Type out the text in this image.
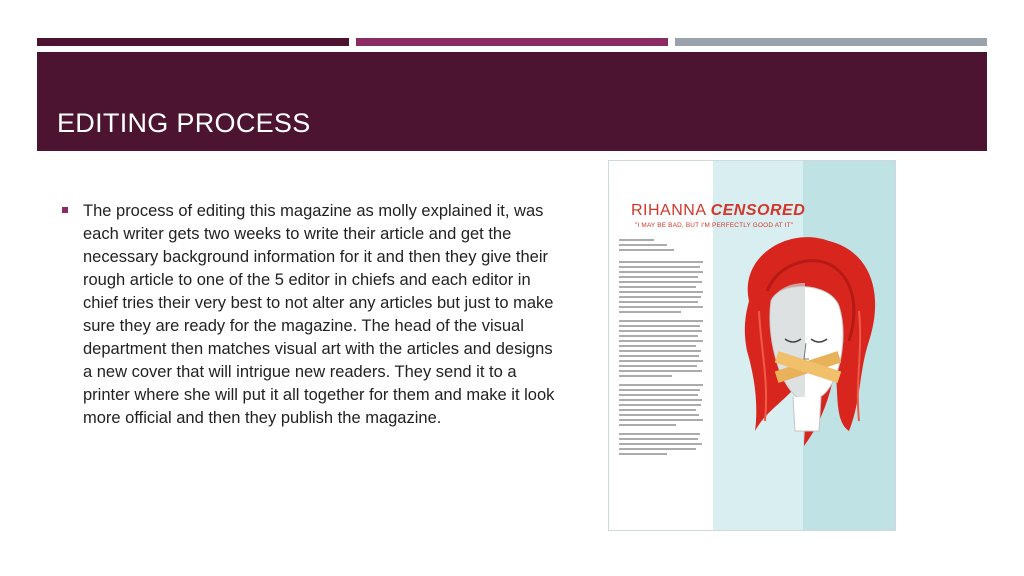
EDITING PROCESS
The process of editing this magazine as molly explained it, was each writer gets two weeks to write their article and get the necessary background information for it and then they give their rough article to one of the 5 editor in chiefs and each editor in chief tries their very best to not alter any articles but just to make sure they are ready for the magazine. The head of the visual department then matches visual art with the articles and designs a new cover that will intrigue new readers. They send it to a printer where she will put it all together for them and make it look more official and then they publish the magazine.
RIHANNA CENSORED
"I MAY BE BAD, BUT I'M PERFECTLY GOOD AT IT"
